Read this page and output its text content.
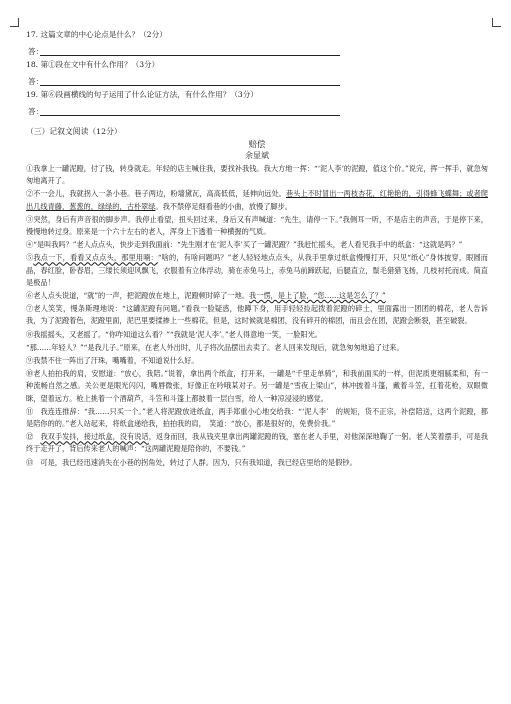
17. 这篇文章的中心论点是什么？（2分）

答：

18. 第①段在文中有什么作用？（3分）

答：

19. 第⑥段画横线的句子运用了什么论证方法，有什么作用？（3分）

答：

（三）记叙文阅读（12分）

赔偿

余显斌

①我拿上一罐泥蹬，付了钱，转身就走。年轻的店主喊住我，要找补我钱。我大方地一挥：“‘泥人李’的泥蹬，值这个价。”说完，挥一挥手，就急匆匆地离开了。

②不一会儿，我就拐入一条小巷。巷子两边，粉墙黛瓦，高高低低，延伸向远处。巷头上不时冒出一两枝杏花，红艳艳的，引得蜂飞蝶舞；或者爬出几线青藤，葱葱的，绿绿的，古朴翠绿。我不禁停足细看巷的小曲，放慢了脚步。

③突然，身后有声音很的脚步声。我停止看望，扭头回过来，身后又有声喊道：“先生，请停一下。”我侧耳一听，不是店主的声音，于是停下来，慢慢地转过身。原来是一个六十左右的老人，浑身上下透着一种横握的气质。

④“是叫我吗？”老人点点头，快步走到我面前：“先生刚才在‘泥人李’买了一罐泥蹬？”我赶忙摇头，老人看见我手中的纸盒：“这就是吗？”

⑤我点一下，看看又点点头，那里用喃：“啥的，有啥问题吗？”老人轻轻地点点头，从我手里拿过纸盒慢慢打开，只见“纸心”身体披穿，眼圆而晶，春红脸，卧春眉，三缕长须迎风飘飞，衣服着有立体浮动，骑在赤兔马上，赤兔马前蹄跃起，后腿直立，鬃毛猎猎飞扬，几枝衬托而成。简直是极品！

⑥老人点头说道，“就”的一声，把泥蹬放在地上，泥蹬顿时碎了一地。我一愣，是上了脸，“您……这是怎么了？”

⑦老人笑笑，慢条斯理地说：“这罐泥蹬有问题。”看我一脸疑惑，他蹲下身，用手轻轻捡起拨着泥蹬的碎土，里面露出一团团的棉花，老人告诉我，为了泥蹬着色，泥蹬里面，泥巴里要揉掺上一些棉花，但是，这时候就是棉团，没有碎开的棉团，而且会在团，泥蹬会断裂，甚至破裂。

⑧我摇摇头，又老摇了。“你咋知道这么看？”“我就是‘泥人李’。”老人得意地一笑，一脸阳光。

“那……年轻人？”“是我儿子。”原来，在老人外出时，儿子将次品摆出去卖了。老人回来发现后，就急匆匆地追了过来。

⑨我禁不住一阵出了汗珠，嘴嘴着，不知道说什么好。

⑩老人拍拍我的肩，安慰道：“放心，我陪。”说着，拿出两个纸盒，打开来，一罐是“千里走单骑”，和我前面买的一样，但泥质更细腻柔和，有一种流畅自然之感。关公更是眼光闪闪，嘴唇微张，好像正在吟哦某对子。另一罐是“雪夜上梁山”，林冲披着斗篷，戴着斗笠，扛着花枪，双眼微眯，望着远方。枪上挑着一个酒葫芦，斗笠和斗篷上都披着一层白雪，给人一种凉浸浸的感觉。

⑪　我连连推辞：“我……只买一个。”老人将泥蹬放进纸盒，两手郑重小心地交给我：“‘泥人李’　的规矩，货不正宗，补偿陪送，这两个泥蹬，都是陪你的的。”老人站起来，将纸盒递给我，拍拍我的肩，　笑道：“放心，都是很好的，免费价我。”

⑫　我双手发抖，接过纸盒，没有说话，返身而回，我从钱夹里拿出两罐泥蹬的钱，塞在老人手里，对他深深地鞠了一躬。老人笑着摆手，可是我终于走开了，背后传来老人的喊声：“这两罐泥蹬是陪你的，不要钱。”

⑬　可是，我已经迅速消失在小巷的拐角处，转过了人群。因为，只有我知道，我已经店里给的是假钞。
